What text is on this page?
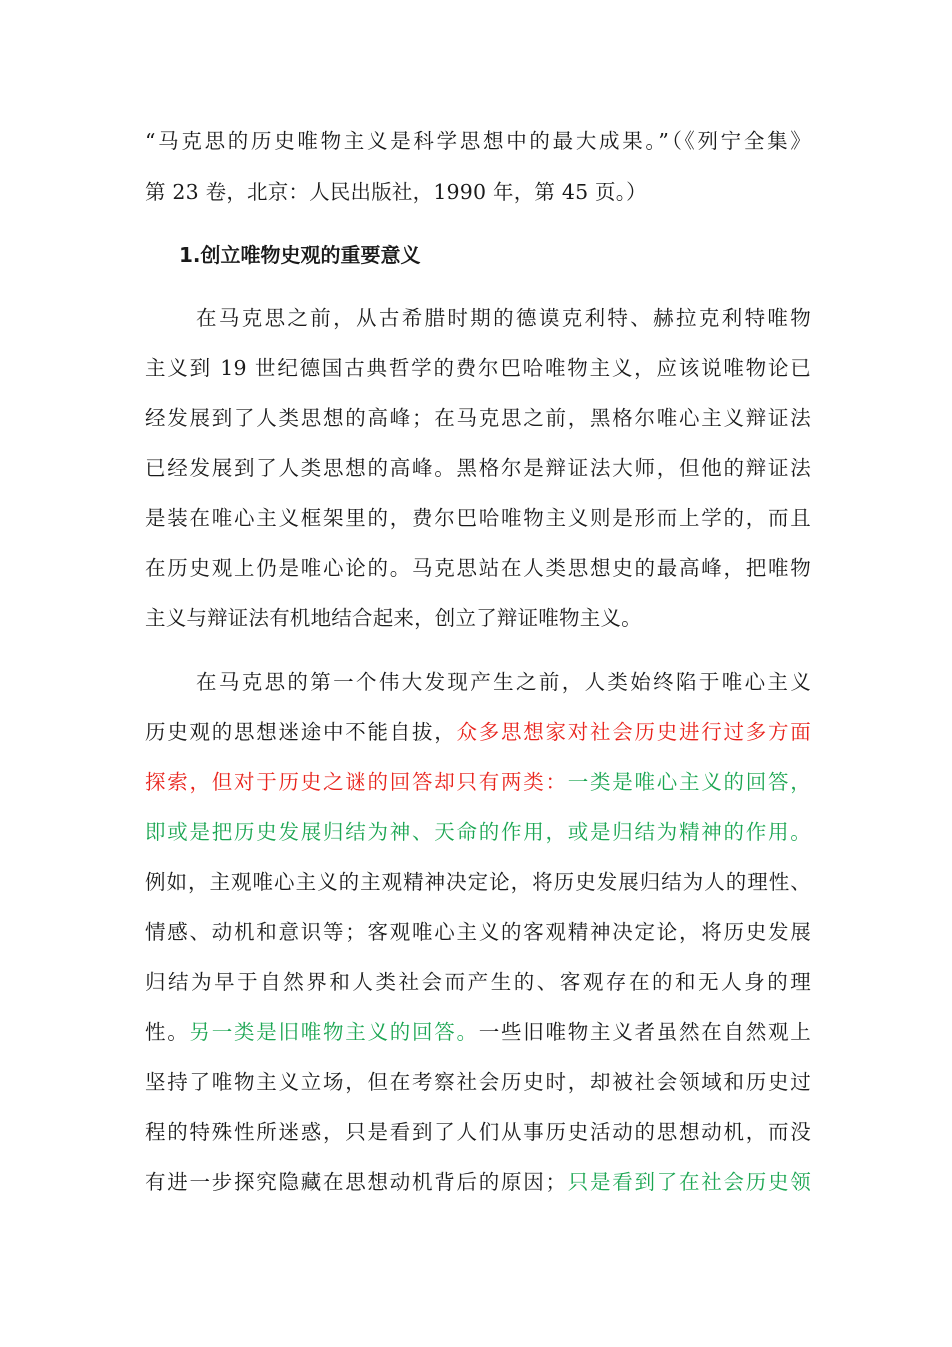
“马克思的历史唯物主义是科学思想中的最大成果。”（《列宁全集》
第 23 卷，北京：人民出版社，1990 年，第 45 页。）
1.创立唯物史观的重要意义
在马克思之前，从古希腊时期的德谟克利特、赫拉克利特唯物
主义到 19 世纪德国古典哲学的费尔巴哈唯物主义，应该说唯物论已
经发展到了人类思想的高峰；在马克思之前，黑格尔唯心主义辩证法
已经发展到了人类思想的高峰。黑格尔是辩证法大师，但他的辩证法
是装在唯心主义框架里的，费尔巴哈唯物主义则是形而上学的，而且
在历史观上仍是唯心论的。马克思站在人类思想史的最高峰，把唯物
主义与辩证法有机地结合起来，创立了辩证唯物主义。
在马克思的第一个伟大发现产生之前，人类始终陷于唯心主义
历史观的思想迷途中不能自拔，众多思想家对社会历史进行过多方面
探索，但对于历史之谜的回答却只有两类：一类是唯心主义的回答，
即或是把历史发展归结为神、天命的作用，或是归结为精神的作用。
例如，主观唯心主义的主观精神决定论，将历史发展归结为人的理性、
情感、动机和意识等；客观唯心主义的客观精神决定论，将历史发展
归结为早于自然界和人类社会而产生的、客观存在的和无人身的理
性。另一类是旧唯物主义的回答。一些旧唯物主义者虽然在自然观上
坚持了唯物主义立场，但在考察社会历史时，却被社会领域和历史过
程的特殊性所迷惑，只是看到了人们从事历史活动的思想动机，而没
有进一步探究隐藏在思想动机背后的原因；只是看到了在社会历史领
